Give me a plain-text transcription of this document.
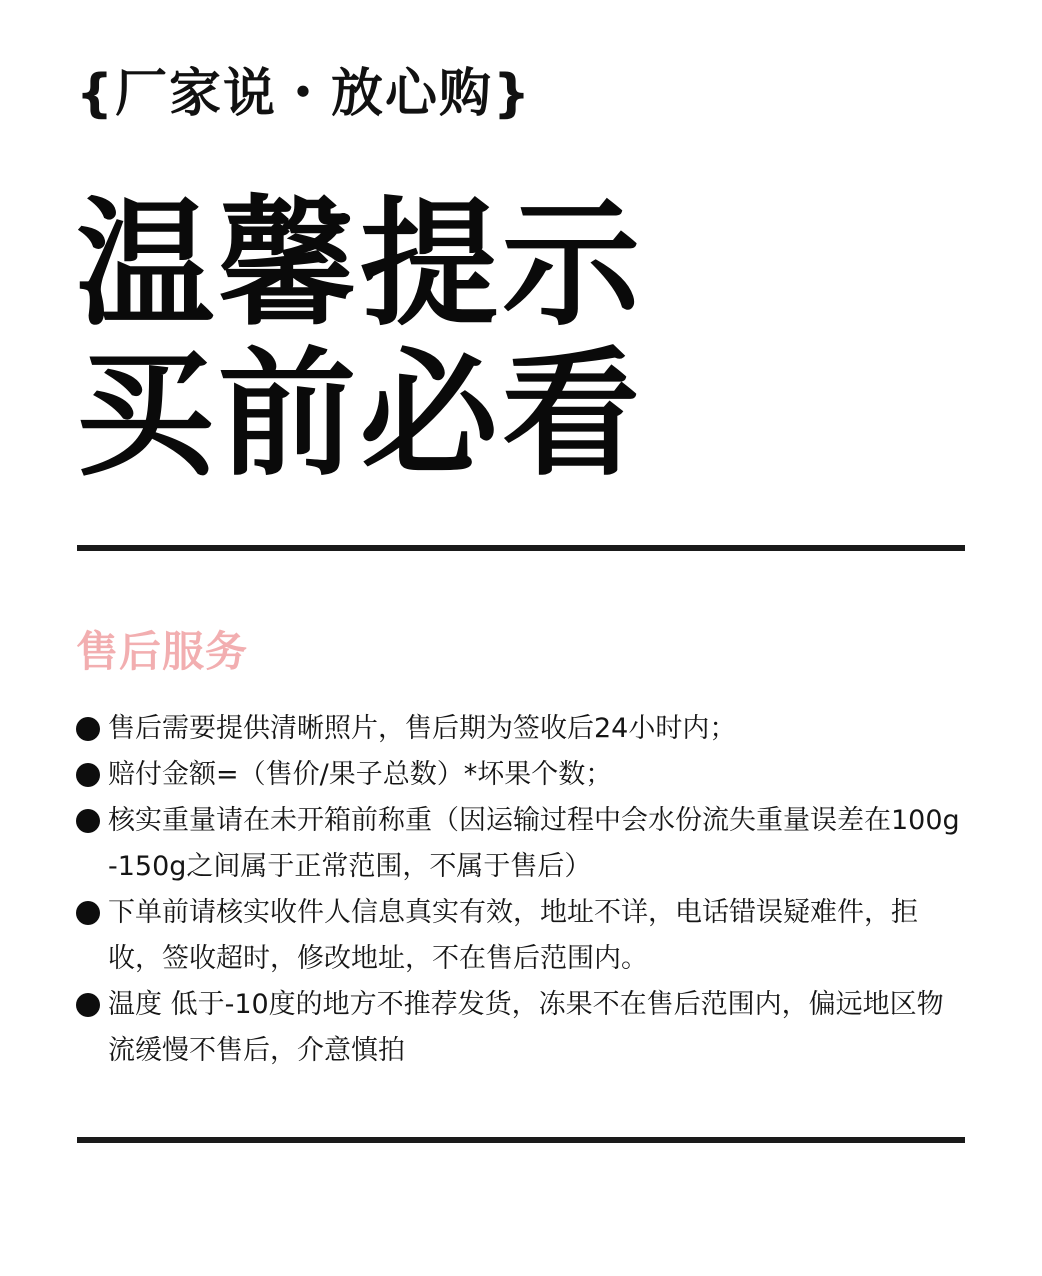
{厂家说・放心购}
温馨提示
买前必看
售后服务
售后需要提供清晰照片，售后期为签收后24小时内；
赔付金额=（售价/果子总数）*坏果个数；
核实重量请在未开箱前称重（因运输过程中会水份流失重量误差在100g-150g之间属于正常范围，不属于售后）
下单前请核实收件人信息真实有效，地址不详，电话错误疑难件，拒收，签收超时，修改地址，不在售后范围内。
温度 低于-10度的地方不推荐发货，冻果不在售后范围内，偏远地区物流缓慢不售后，介意慎拍
